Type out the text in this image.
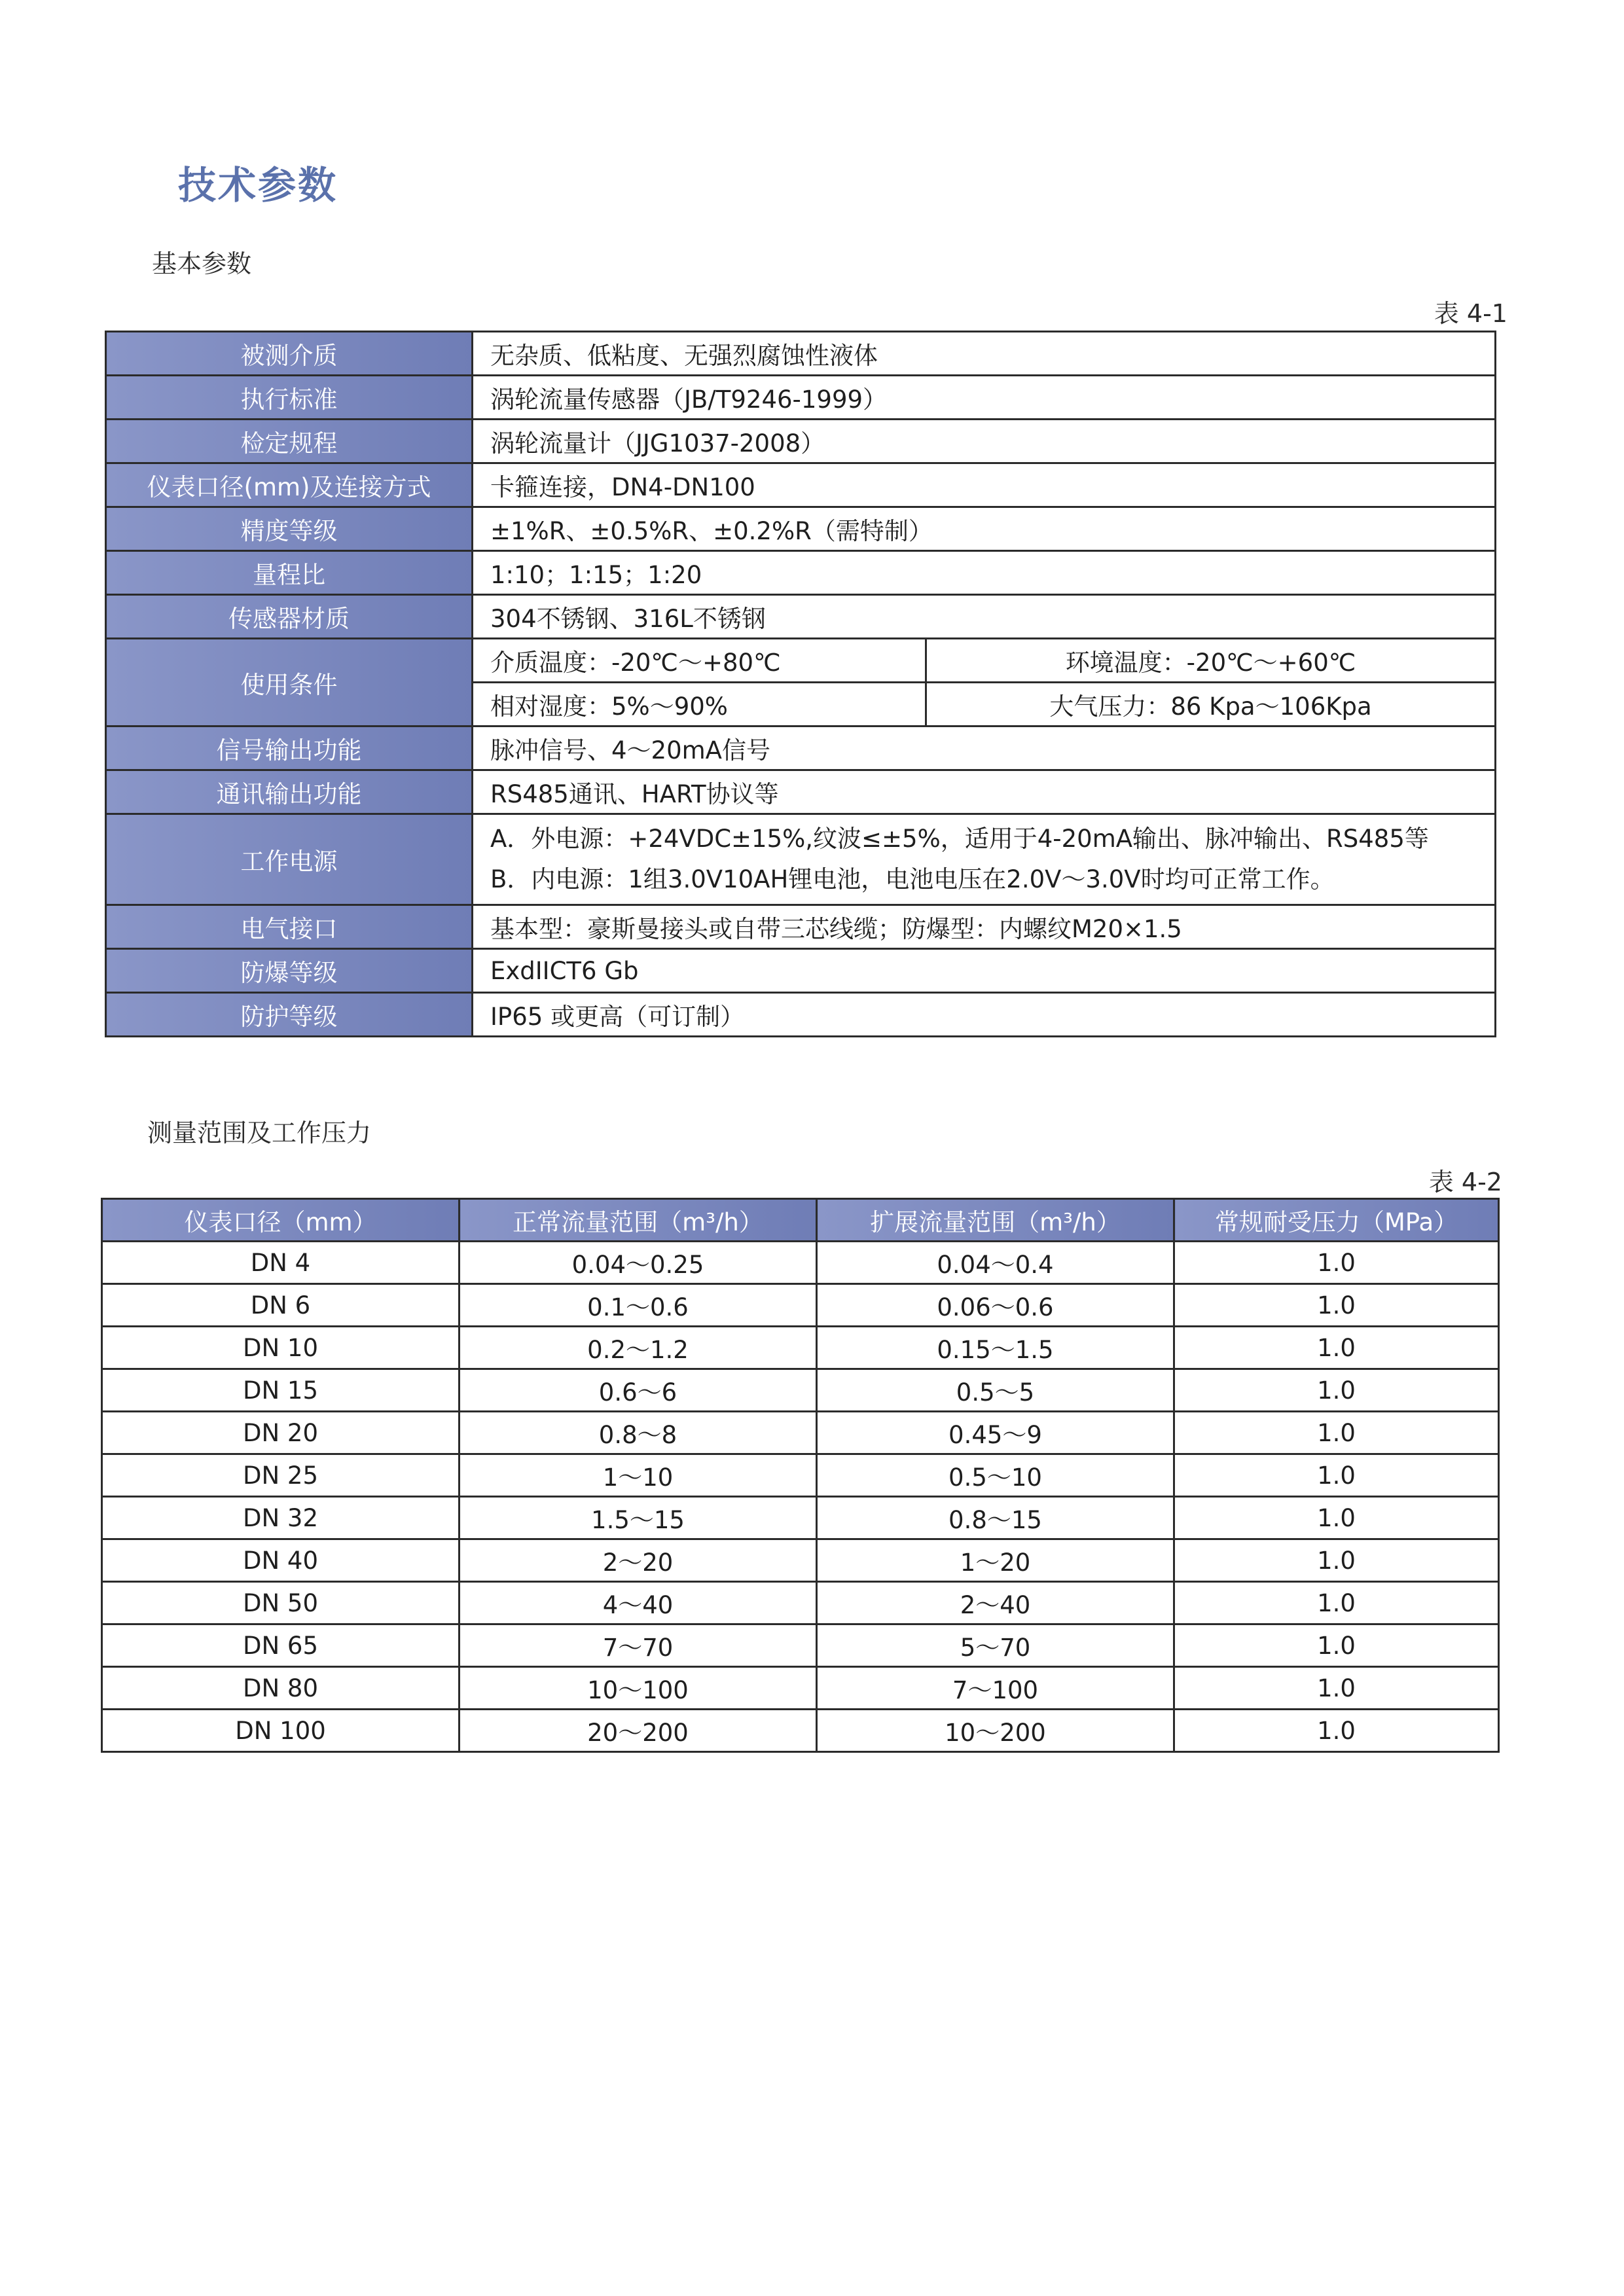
技术参数
基本参数
表 4-1
被测介质	无杂质、低粘度、无强烈腐蚀性液体	
执行标准	涡轮流量传感器（JB/T9246-1999）	
检定规程	涡轮流量计（JJG1037-2008）	
仪表口径(mm)及连接方式	卡箍连接，DN4-DN100	
精度等级	±1%R、±0.5%R、±0.2%R（需特制）	
量程比	1:10；1:15；1:20	
传感器材质	304不锈钢、316L不锈钢	
使用条件	介质温度：-20℃～+80℃	环境温度：-20℃～+60℃
	相对湿度：5%～90%	大气压力：86 Kpa～106Kpa
信号输出功能	脉冲信号、4～20mA信号	
通讯输出功能	RS485通讯、HART协议等	
工作电源	A．外电源：+24VDC±15%,纹波≤±5%，适用于4-20mA输出、脉冲输出、RS485等
B．内电源：1组3.0V10AH锂电池，电池电压在2.0V～3.0V时均可正常工作。	

电气接口	基本型：豪斯曼接头或自带三芯线缆；防爆型：内螺纹M20×1.5	
防爆等级	ExdIICT6 Gb	
防护等级	IP65 或更高（可订制）	
测量范围及工作压力
表 4-2
仪表口径（mm）	正常流量范围（m³/h）	扩展流量范围（m³/h）	常规耐受压力（MPa）
DN 4	0.04～0.25	0.04～0.4	1.0
DN 6	0.1～0.6	0.06～0.6	1.0
DN 10	0.2～1.2	0.15～1.5	1.0
DN 15	0.6～6	0.5～5	1.0
DN 20	0.8～8	0.45～9	1.0
DN 25	1～10	0.5～10	1.0
DN 32	1.5～15	0.8～15	1.0
DN 40	2～20	1～20	1.0
DN 50	4～40	2～40	1.0
DN 65	7～70	5～70	1.0
DN 80	10～100	7～100	1.0
DN 100	20～200	10～200	1.0
